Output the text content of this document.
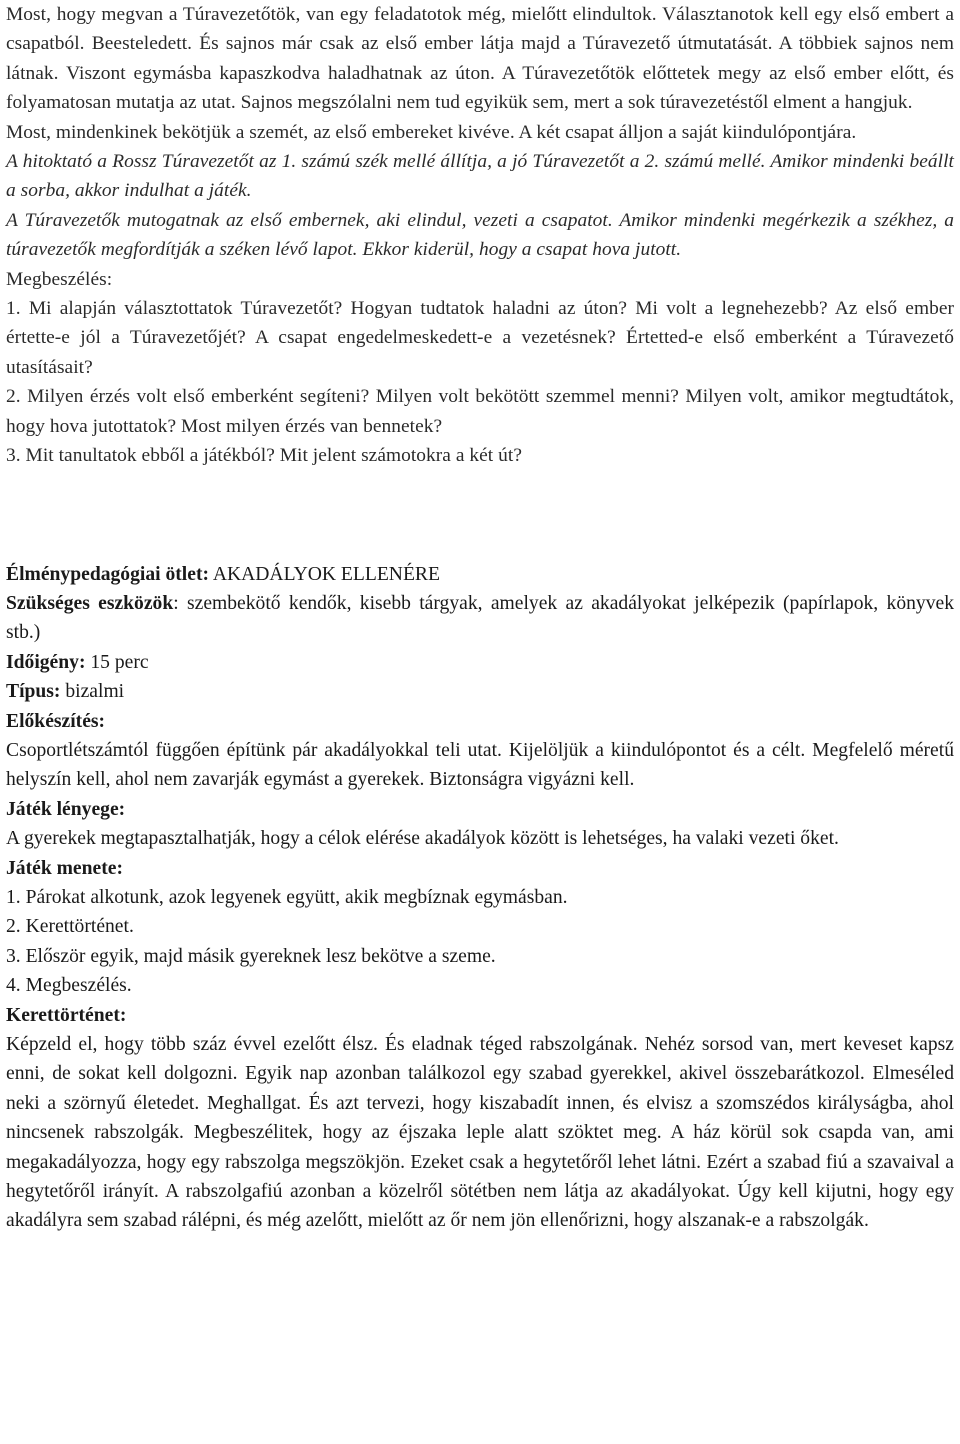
Most, hogy megvan a Túravezetőtök, van egy feladatotok még, mielőtt elindultok. Választanotok kell egy első embert a csapatból. Beesteledett. És sajnos már csak az első ember látja majd a Túravezető útmutatását. A többiek sajnos nem látnak. Viszont egymásba kapaszkodva haladhatnak az úton. A Túravezetőtök előttetek megy az első ember előtt, és folyamatosan mutatja az utat. Sajnos megszólalni nem tud egyikük sem, mert a sok túravezetéstől elment a hangjuk.

Most, mindenkinek bekötjük a szemét, az első embereket kivéve. A két csapat álljon a saját kiindulópontjára.

A hitoktató a Rossz Túravezetőt az 1. számú szék mellé állítja, a jó Túravezetőt a 2. számú mellé. Amikor mindenki beállt a sorba, akkor indulhat a játék.

A Túravezetők mutogatnak az első embernek, aki elindul, vezeti a csapatot. Amikor mindenki megérkezik a székhez, a túravezetők megfordítják a széken lévő lapot. Ekkor kiderül, hogy a csapat hova jutott.

Megbeszélés:

1. Mi alapján választottatok Túravezetőt? Hogyan tudtatok haladni az úton? Mi volt a legnehezebb? Az első ember értette-e jól a Túravezetőjét? A csapat engedelmeskedett-e a vezetésnek? Értetted-e első emberként a Túravezető utasításait?

2. Milyen érzés volt első emberként segíteni? Milyen volt bekötött szemmel menni? Milyen volt, amikor megtudtátok, hogy hova jutottatok? Most milyen érzés van bennetek?

3. Mit tanultatok ebből a játékból? Mit jelent számotokra a két út?

Élménypedagógiai ötlet: AKADÁLYOK ELLENÉRE

Szükséges eszközök: szembekötő kendők, kisebb tárgyak, amelyek az akadályokat jelképezik (papírlapok, könyvek stb.)

Időigény: 15 perc

Típus: bizalmi

Előkészítés:

Csoportlétszámtól függően építünk pár akadályokkal teli utat. Kijelöljük a kiindulópontot és a célt. Megfelelő méretű helyszín kell, ahol nem zavarják egymást a gyerekek. Biztonságra vigyázni kell.

Játék lényege:

A gyerekek megtapasztalhatják, hogy a célok elérése akadályok között is lehetséges, ha valaki vezeti őket.

Játék menete:

1. Párokat alkotunk, azok legyenek együtt, akik megbíznak egymásban.

2. Kerettörténet.

3. Először egyik, majd másik gyereknek lesz bekötve a szeme.

4. Megbeszélés.

Kerettörténet:

Képzeld el, hogy több száz évvel ezelőtt élsz. És eladnak téged rabszolgának. Nehéz sorsod van, mert keveset kapsz enni, de sokat kell dolgozni. Egyik nap azonban találkozol egy szabad gyerekkel, akivel összebarátkozol. Elmeséled neki a szörnyű életedet. Meghallgat. És azt tervezi, hogy kiszabadít innen, és elvisz a szomszédos királyságba, ahol nincsenek rabszolgák. Megbeszélitek, hogy az éjszaka leple alatt szöktet meg. A ház körül sok csapda van, ami megakadályozza, hogy egy rabszolga megszökjön. Ezeket csak a hegytetőről lehet látni. Ezért a szabad fiú a szavaival a hegytetőről irányít. A rabszolgafiú azonban a közelről sötétben nem látja az akadályokat. Úgy kell kijutni, hogy egy akadályra sem szabad rálépni, és még azelőtt, mielőtt az őr nem jön ellenőrizni, hogy alszanak-e a rabszolgák.
